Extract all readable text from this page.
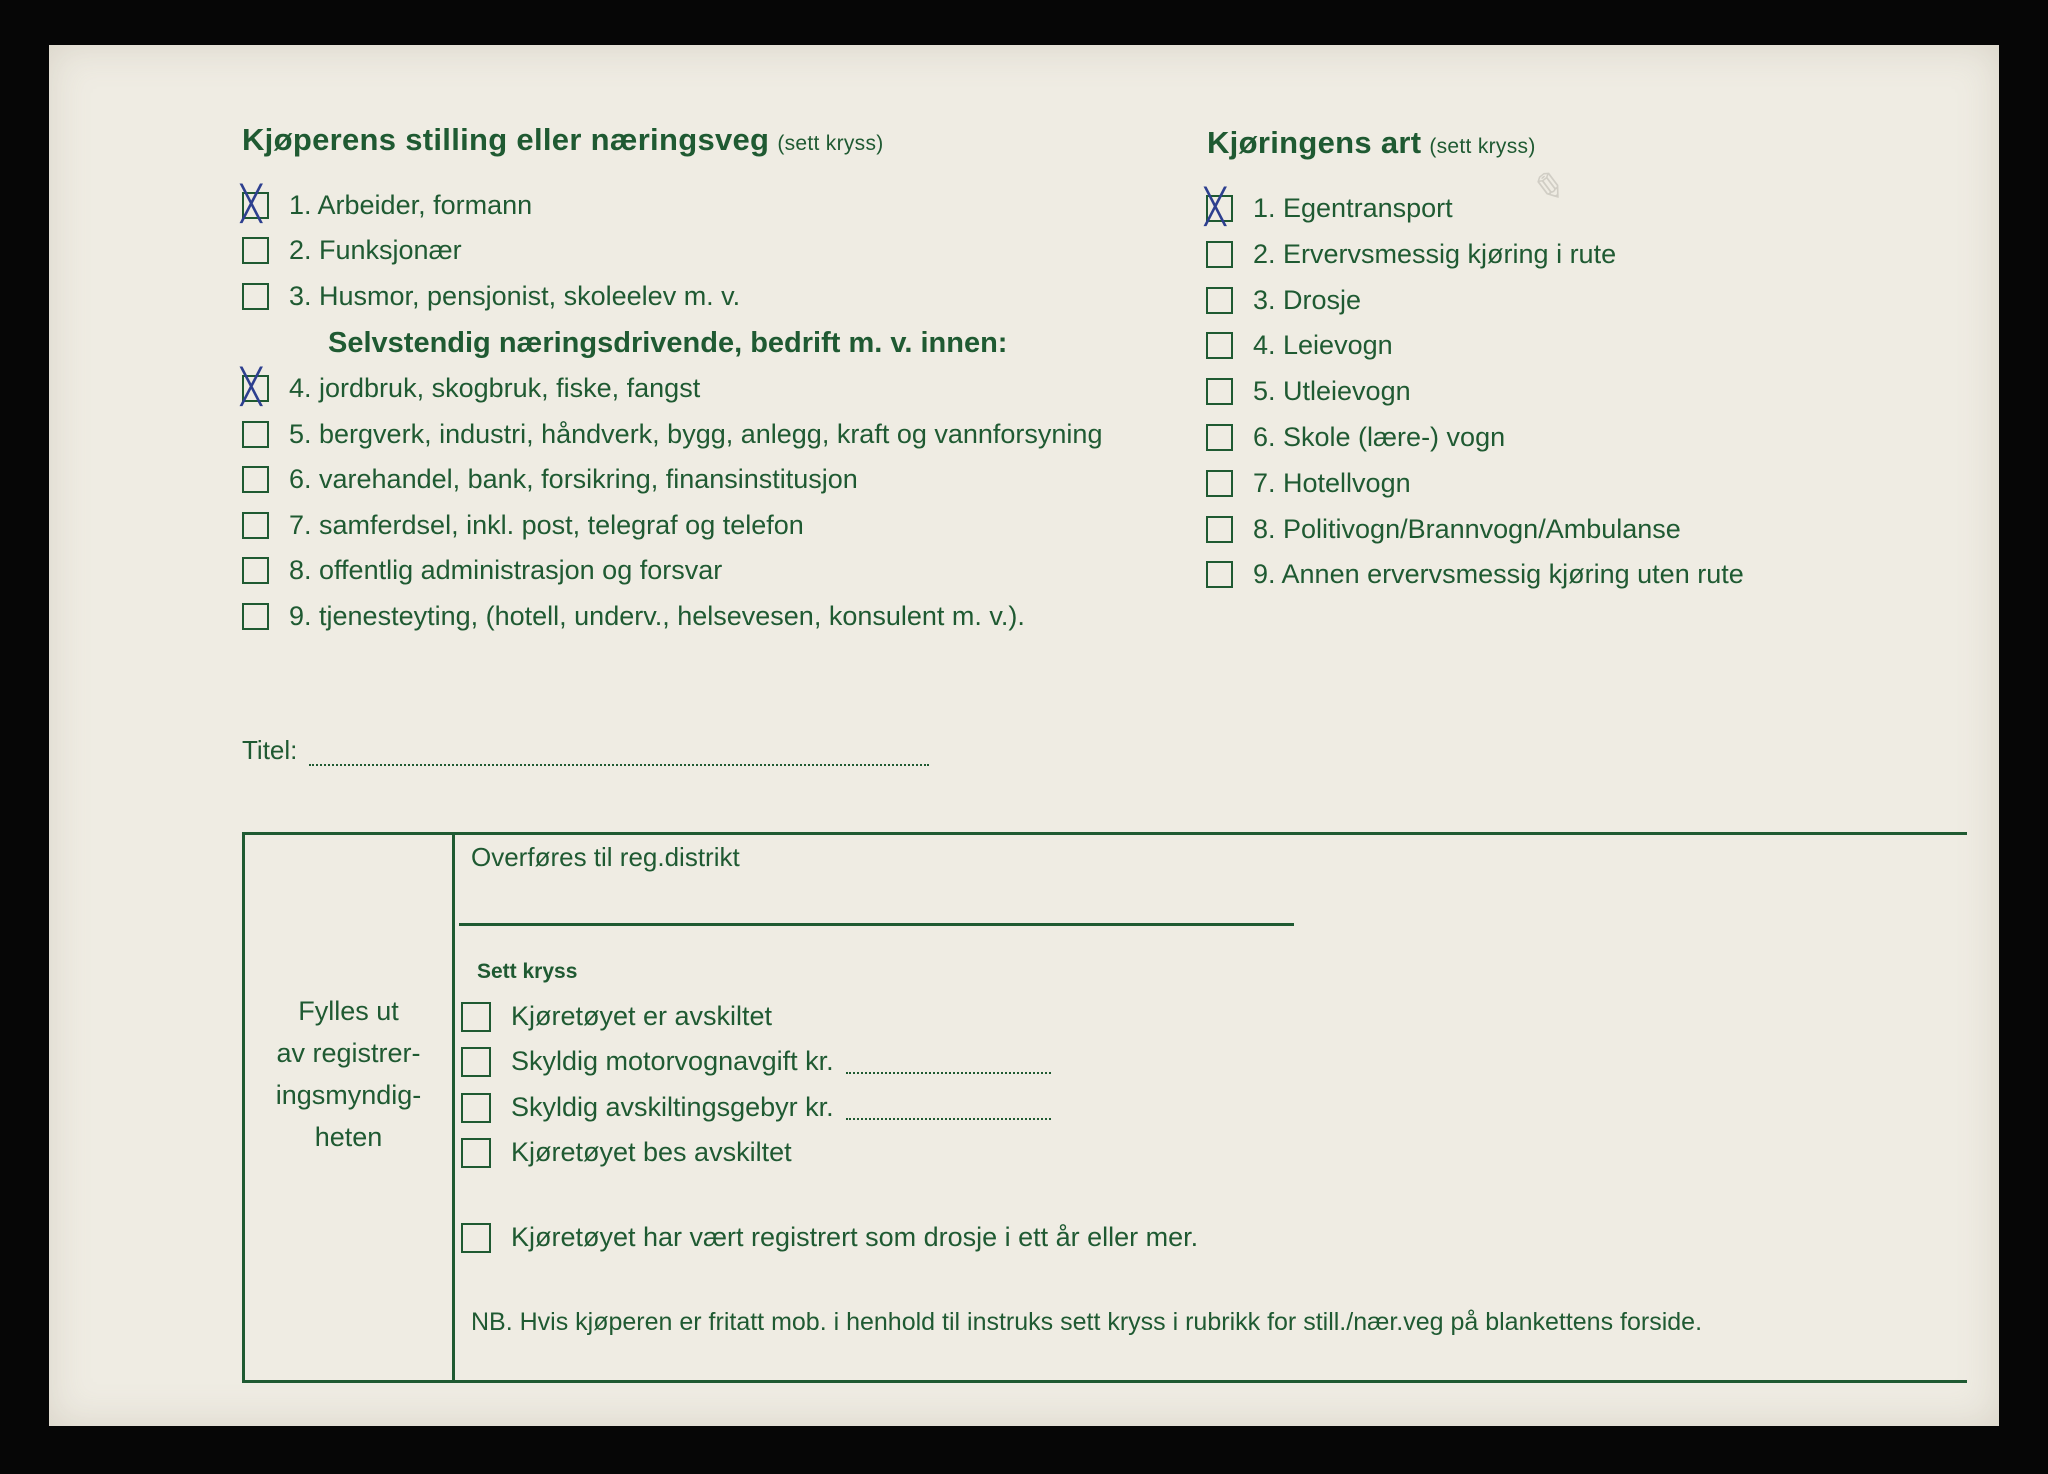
✎
Kjøperens stilling eller næringsveg (sett kryss)
╳ 1. Arbeider, formann
2. Funksjonær
3. Husmor, pensjonist, skoleelev m. v.
Selvstendig næringsdrivende, bedrift m. v. innen:
╳ 4. jordbruk, skogbruk, fiske, fangst
5. bergverk, industri, håndverk, bygg, anlegg, kraft og vannforsyning
6. varehandel, bank, forsikring, finansinstitusjon
7. samferdsel, inkl. post, telegraf og telefon
8. offentlig administrasjon og forsvar
9. tjenesteyting, (hotell, underv., helsevesen, konsulent m. v.).
Kjøringens art (sett kryss)
╳ 1. Egentransport
2. Ervervsmessig kjøring i rute
3. Drosje
4. Leievogn
5. Utleievogn
6. Skole (lære-) vogn
7. Hotellvogn
8. Politivogn/Brannvogn/Ambulanse
9. Annen ervervsmessig kjøring uten rute
Titel:
Fylles ut
av registrer-
ingsmyndig-
heten
Overføres til reg.distrikt
Sett kryss
Kjøretøyet er avskiltet
Skyldig motorvognavgift kr.
Skyldig avskiltingsgebyr kr.
Kjøretøyet bes avskiltet
Kjøretøyet har vært registrert som drosje i ett år eller mer.
NB. Hvis kjøperen er fritatt mob. i henhold til instruks sett kryss i rubrikk for still./nær.veg på blankettens forside.
